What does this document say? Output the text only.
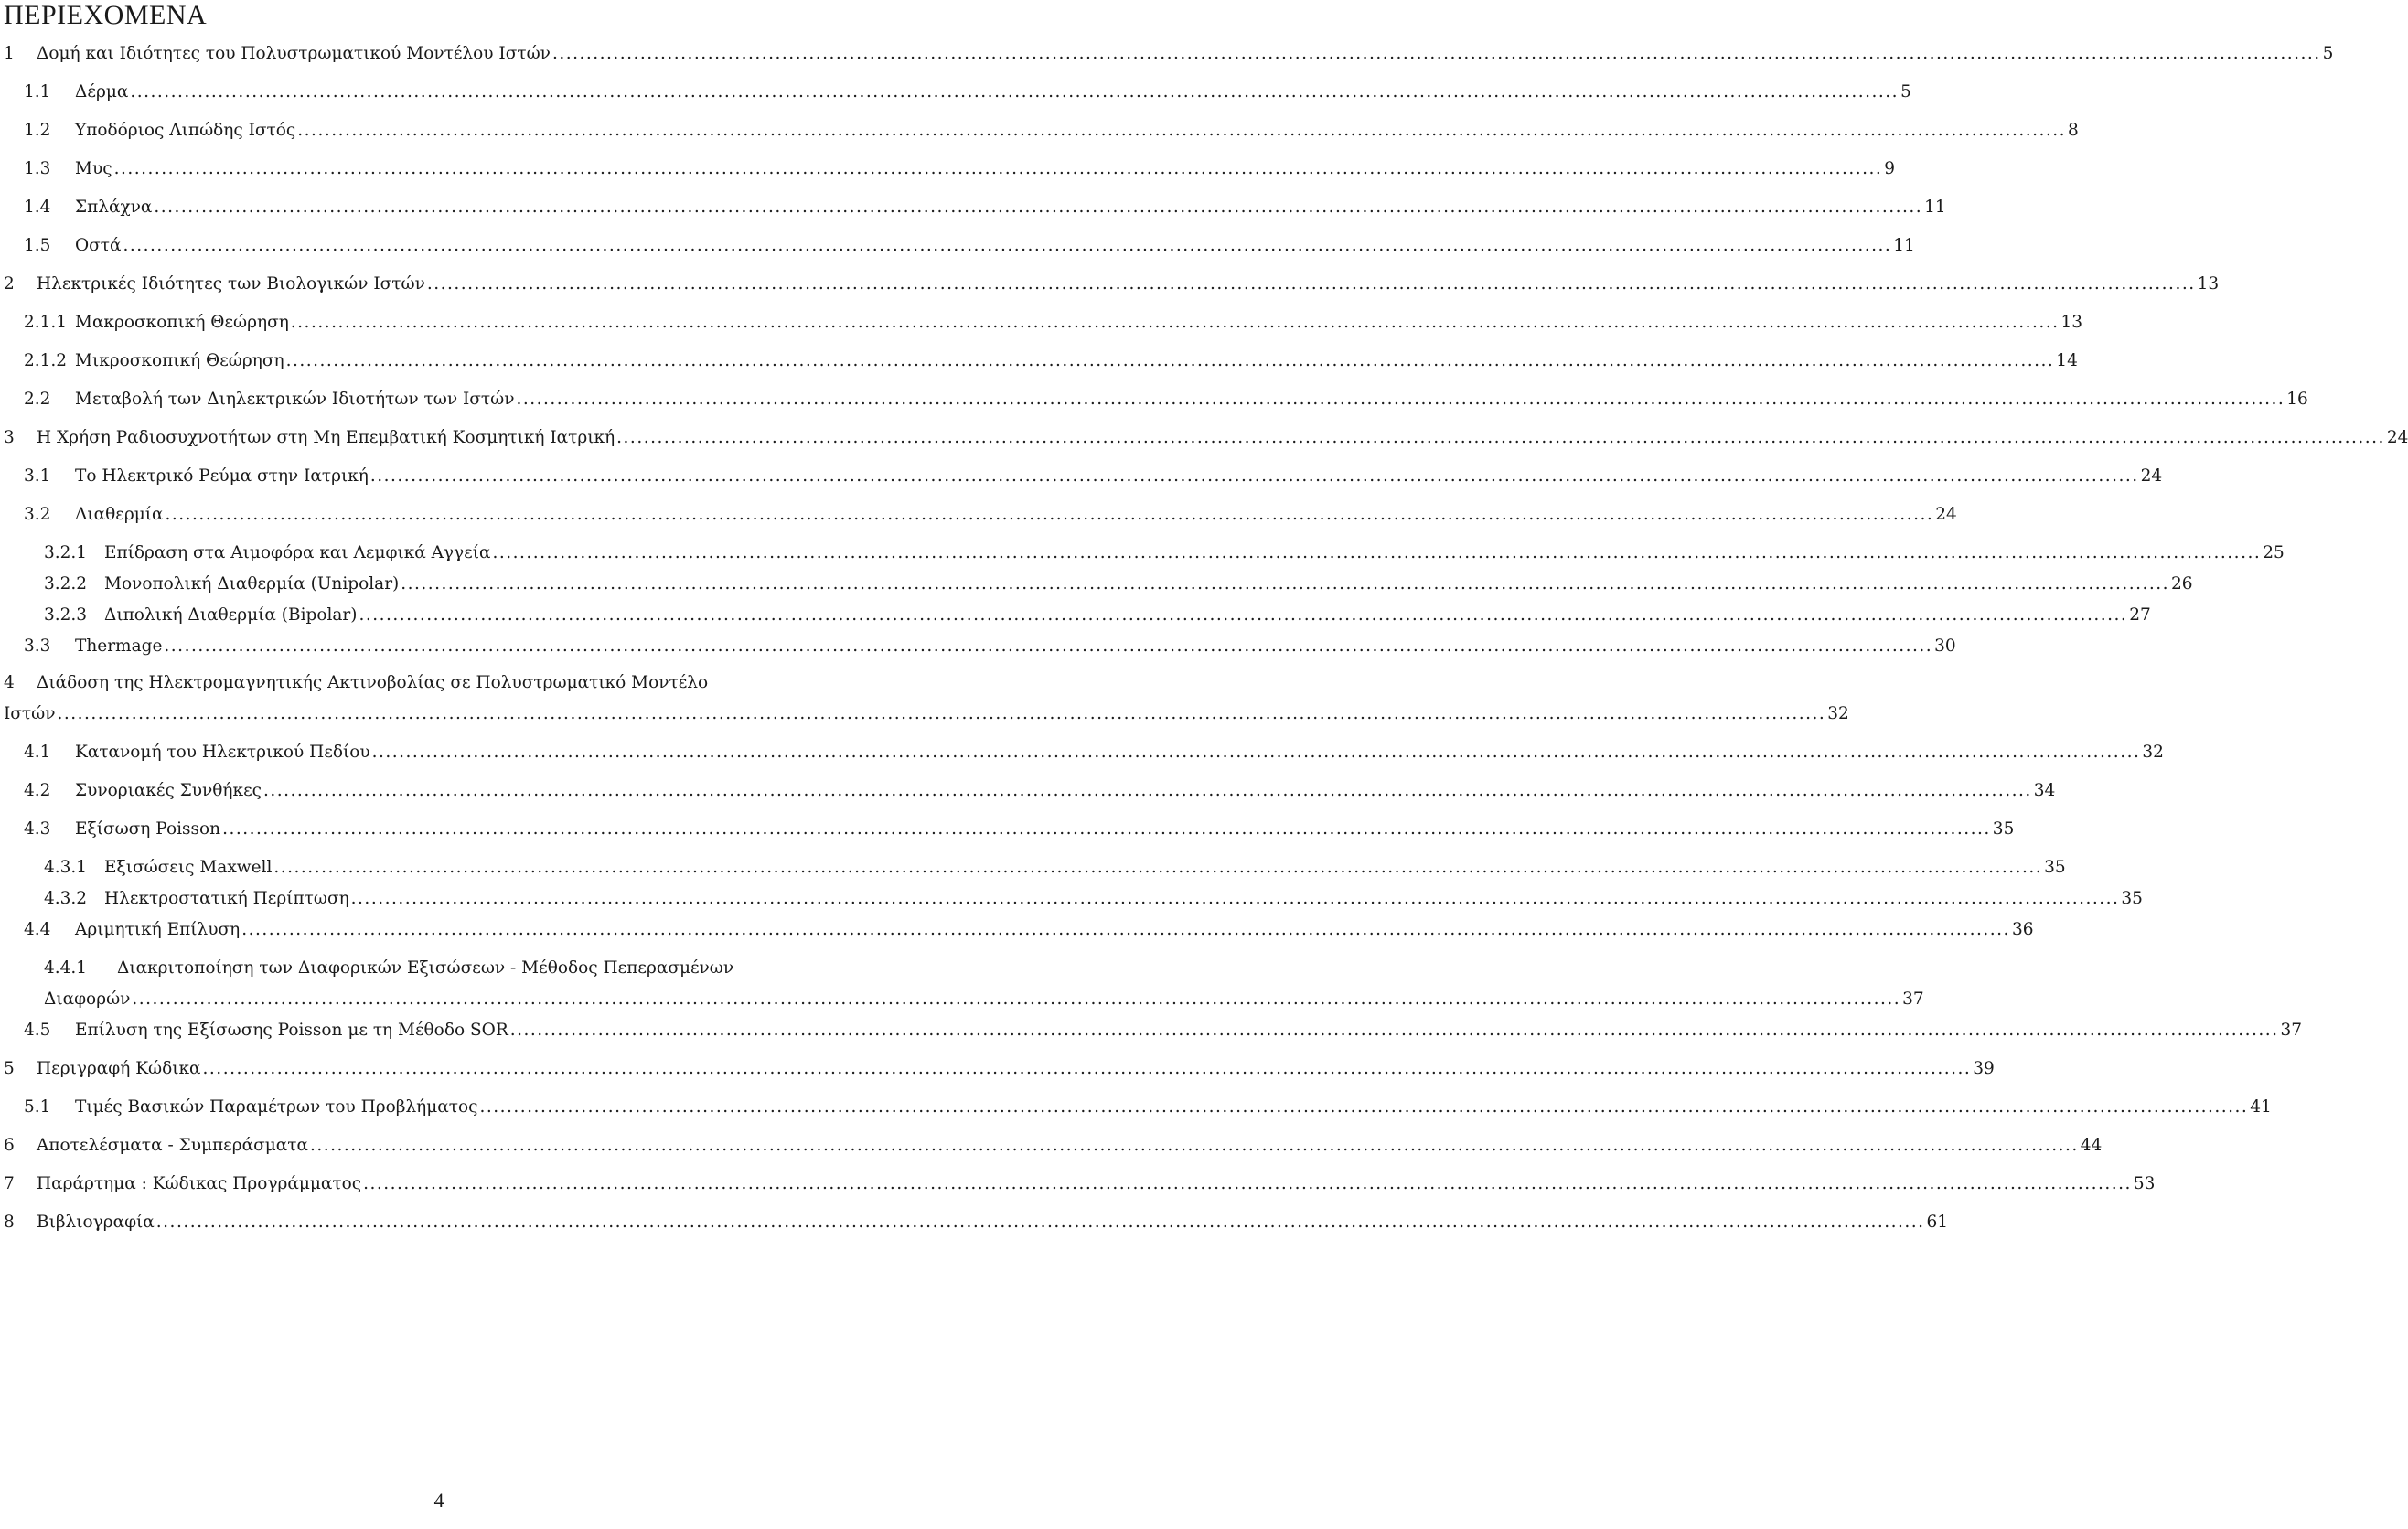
ΠΕΡΙΕΧΟΜΕΝΑ
1	Δομή και Ιδιότητες του Πολυστρωματικού Μοντέλου Ιστών .....	5
1.1	Δέρμα .....	5
1.2	Υποδόριος Λιπώδης Ιστός .....	8
1.3	Μυς .....	9
1.4	Σπλάχνα .....	11
1.5	Οστά .....	11
2	Ηλεκτρικές Ιδιότητες των Βιολογικών Ιστών .....	13
2.1.1 Μακροσκοπική Θεώρηση .....	13
2.1.2 Μικροσκοπική Θεώρηση .....	14
2.2	Μεταβολή των Διηλεκτρικών Ιδιοτήτων των Ιστών .....	16
3	Η Χρήση Ραδιοσυχνοτήτων στη Μη Επεμβατική Κοσμητική Ιατρική .....	24
3.1	Το Ηλεκτρικό Ρεύμα στην Ιατρική .....	24
3.2	Διαθερμία .....	24
3.2.1	Επίδραση στα Αιμοφόρα και Λεμφικά Αγγεία .....	25
3.2.2	Μονοπολική Διαθερμία (Unipolar) .....	26
3.2.3	Διπολική Διαθερμία (Bipolar) .....	27
3.3	Thermage .....	30
4	Διάδοση της Ηλεκτρομαγνητικής Ακτινοβολίας σε Πολυστρωματικό Μοντέλο
Ιστών .....	32
4.1	Κατανομή του Ηλεκτρικού Πεδίου .....	32
4.2	Συνοριακές Συνθήκες .....	34
4.3	Εξίσωση Poisson .....	35
4.3.1	Εξισώσεις Maxwell .....	35
4.3.2	Ηλεκτροστατική Περίπτωση .....	35
4.4	Αριμητική Επίλυση .....	36
4.4.1	Διακριτοποίηση των Διαφορικών Εξισώσεων - Μέθοδος Πεπερασμένων
Διαφορών .....	37
4.5	Επίλυση της Εξίσωσης Poisson με τη Μέθοδο SOR .....	37
5	Περιγραφή Κώδικα .....	39
5.1	Τιμές Βασικών Παραμέτρων του Προβλήματος .....	41
6	Αποτελέσματα - Συμπεράσματα .....	44
7	Παράρτημα : Κώδικας Προγράμματος .....	53
8	Βιβλιογραφία .....	61
4
